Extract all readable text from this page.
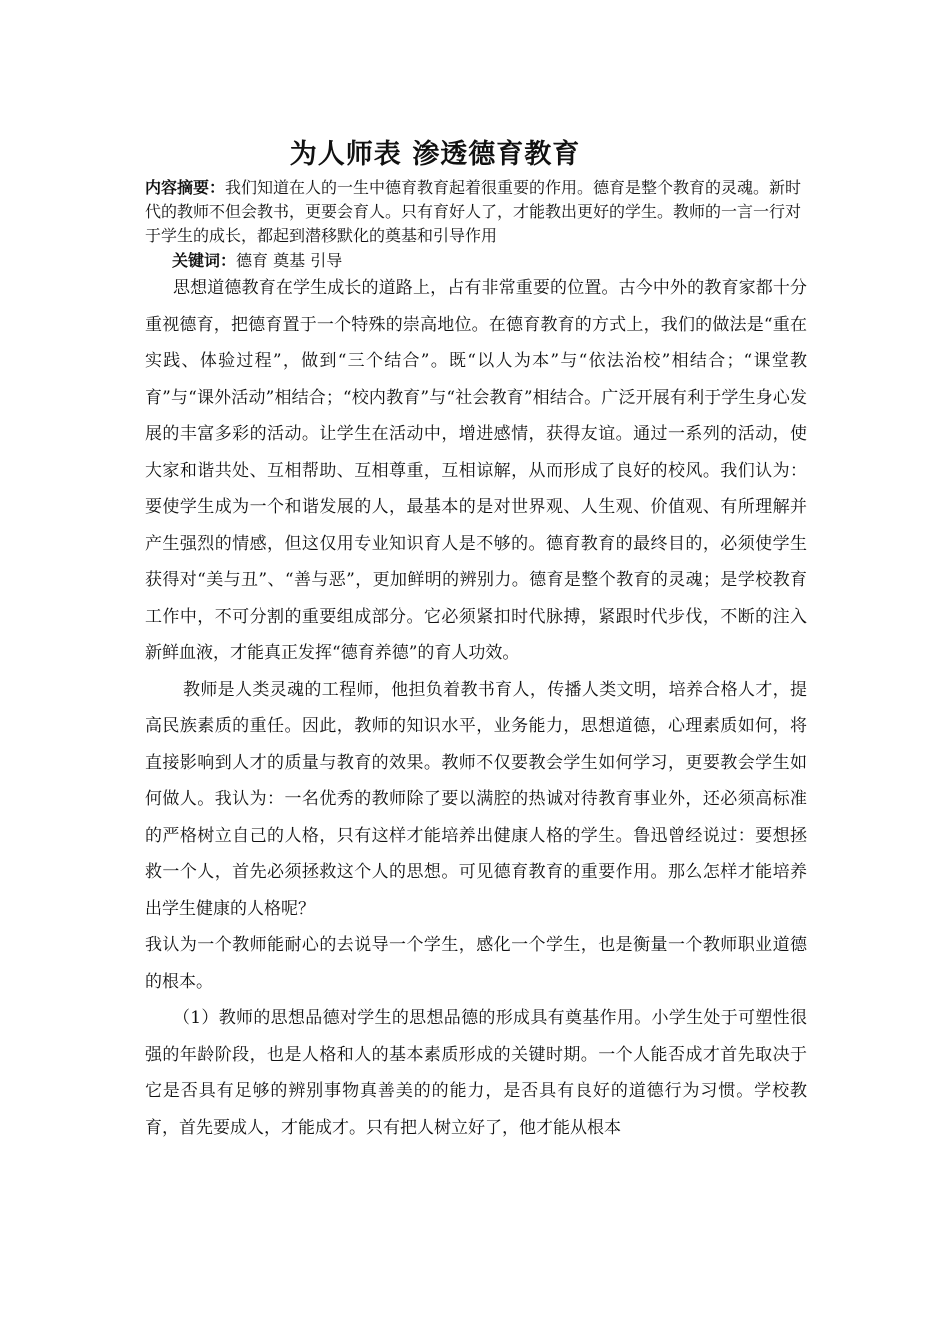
为人师表 渗透德育教育
内容摘要：我们知道在人的一生中德育教育起着很重要的作用。德育是整个教育的灵魂。新时代的教师不但会教书，更要会育人。只有育好人了，才能教出更好的学生。教师的一言一行对于学生的成长，都起到潜移默化的奠基和引导作用
关键词：德育 奠基 引导

思想道德教育在学生成长的道路上，占有非常重要的位置。古今中外的教育家都十分重视德育，把德育置于一个特殊的崇高地位。在德育教育的方式上，我们的做法是“重在实践、体验过程”，做到“三个结合”。既“以人为本”与“依法治校”相结合；“课堂教育”与“课外活动”相结合；“校内教育”与“社会教育”相结合。广泛开展有利于学生身心发展的丰富多彩的活动。让学生在活动中，增进感情，获得友谊。通过一系列的活动，使大家和谐共处、互相帮助、互相尊重，互相谅解，从而形成了良好的校风。我们认为：要使学生成为一个和谐发展的人，最基本的是对世界观、人生观、价值观、有所理解并产生强烈的情感，但这仅用专业知识育人是不够的。德育教育的最终目的，必须使学生获得对“美与丑”、“善与恶”，更加鲜明的辨别力。德育是整个教育的灵魂；是学校教育工作中，不可分割的重要组成部分。它必须紧扣时代脉搏，紧跟时代步伐，不断的注入新鲜血液，才能真正发挥“德育养德”的育人功效。

教师是人类灵魂的工程师，他担负着教书育人，传播人类文明，培养合格人才，提高民族素质的重任。因此，教师的知识水平，业务能力，思想道德，心理素质如何，将直接影响到人才的质量与教育的效果。教师不仅要教会学生如何学习，更要教会学生如何做人。我认为：一名优秀的教师除了要以满腔的热诚对待教育事业外，还必须高标准的严格树立自己的人格，只有这样才能培养出健康人格的学生。鲁迅曾经说过：要想拯救一个人，首先必须拯救这个人的思想。可见德育教育的重要作用。那么怎样才能培养出学生健康的人格呢？

我认为一个教师能耐心的去说导一个学生，感化一个学生，也是衡量一个教师职业道德的根本。

（1）教师的思想品德对学生的思想品德的形成具有奠基作用。小学生处于可塑性很强的年龄阶段，也是人格和人的基本素质形成的关键时期。一个人能否成才首先取决于它是否具有足够的辨别事物真善美的的能力，是否具有良好的道德行为习惯。学校教育，首先要成人，才能成才。只有把人树立好了，他才能从根本
